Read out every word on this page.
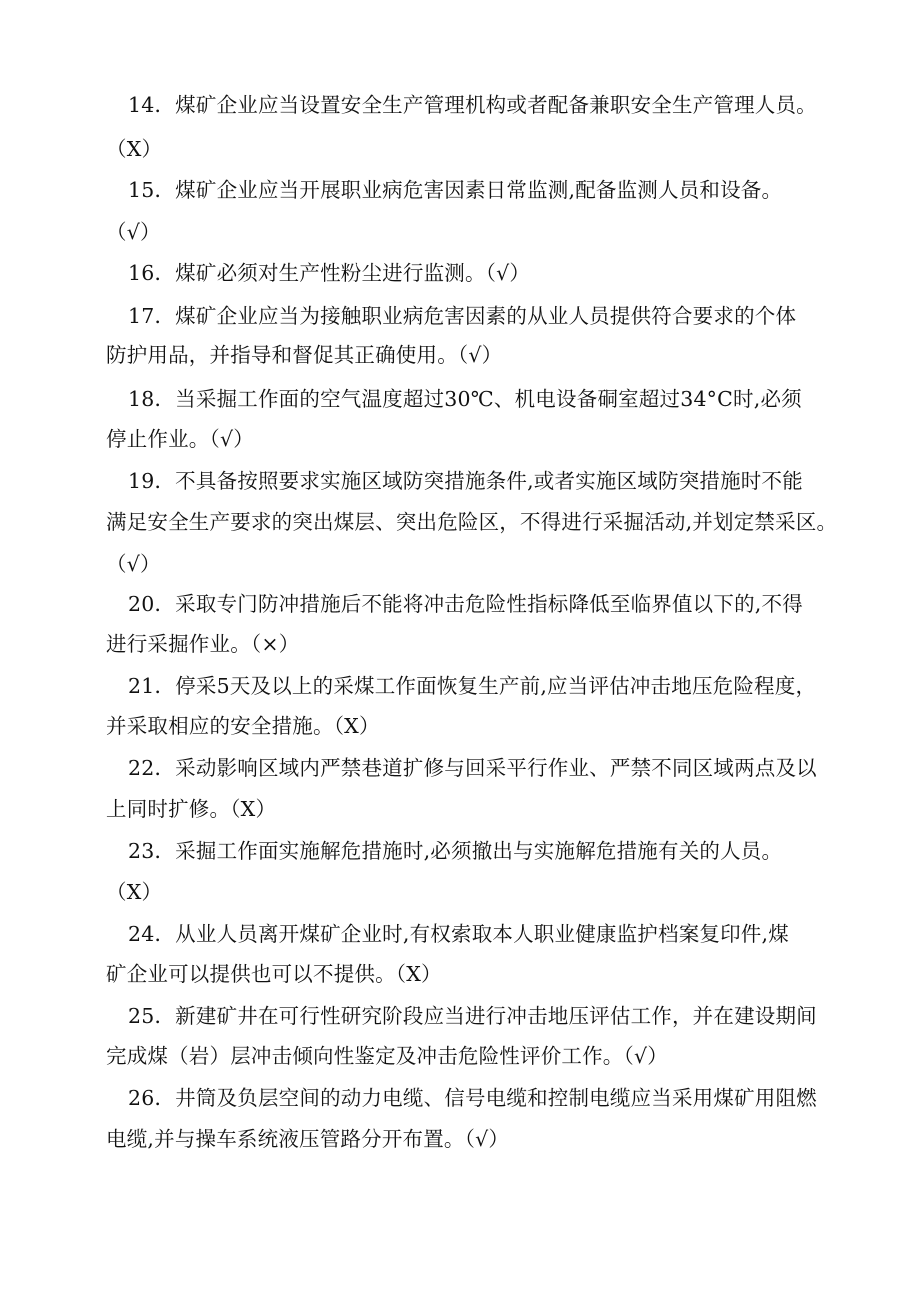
14．煤矿企业应当设置安全生产管理机构或者配备兼职安全生产管理人员。
（X）
15．煤矿企业应当开展职业病危害因素日常监测,配备监测人员和设备。
（√）
16．煤矿必须对生产性粉尘进行监测。（√）
17．煤矿企业应当为接触职业病危害因素的从业人员提供符合要求的个体
防护用品，并指导和督促其正确使用。（√）
18．当采掘工作面的空气温度超过30℃、机电设备硐室超过34°C时,必须
停止作业。（√）
19．不具备按照要求实施区域防突措施条件,或者实施区域防突措施时不能
满足安全生产要求的突出煤层、突出危险区，不得进行采掘活动,并划定禁采区。
（√）
20．采取专门防冲措施后不能将冲击危险性指标降低至临界值以下的,不得
进行采掘作业。（×）
21．停采5天及以上的采煤工作面恢复生产前,应当评估冲击地压危险程度，
并采取相应的安全措施。（X）
22．采动影响区域内严禁巷道扩修与回采平行作业、严禁不同区域两点及以
上同时扩修。（X）
23．采掘工作面实施解危措施时,必须撤出与实施解危措施有关的人员。
（X）
24．从业人员离开煤矿企业时,有权索取本人职业健康监护档案复印件,煤
矿企业可以提供也可以不提供。（X）
25．新建矿井在可行性研究阶段应当进行冲击地压评估工作，并在建设期间
完成煤（岩）层冲击倾向性鉴定及冲击危险性评价工作。（√）
26．井筒及负层空间的动力电缆、信号电缆和控制电缆应当采用煤矿用阻燃
电缆,并与操车系统液压管路分开布置。（√）
